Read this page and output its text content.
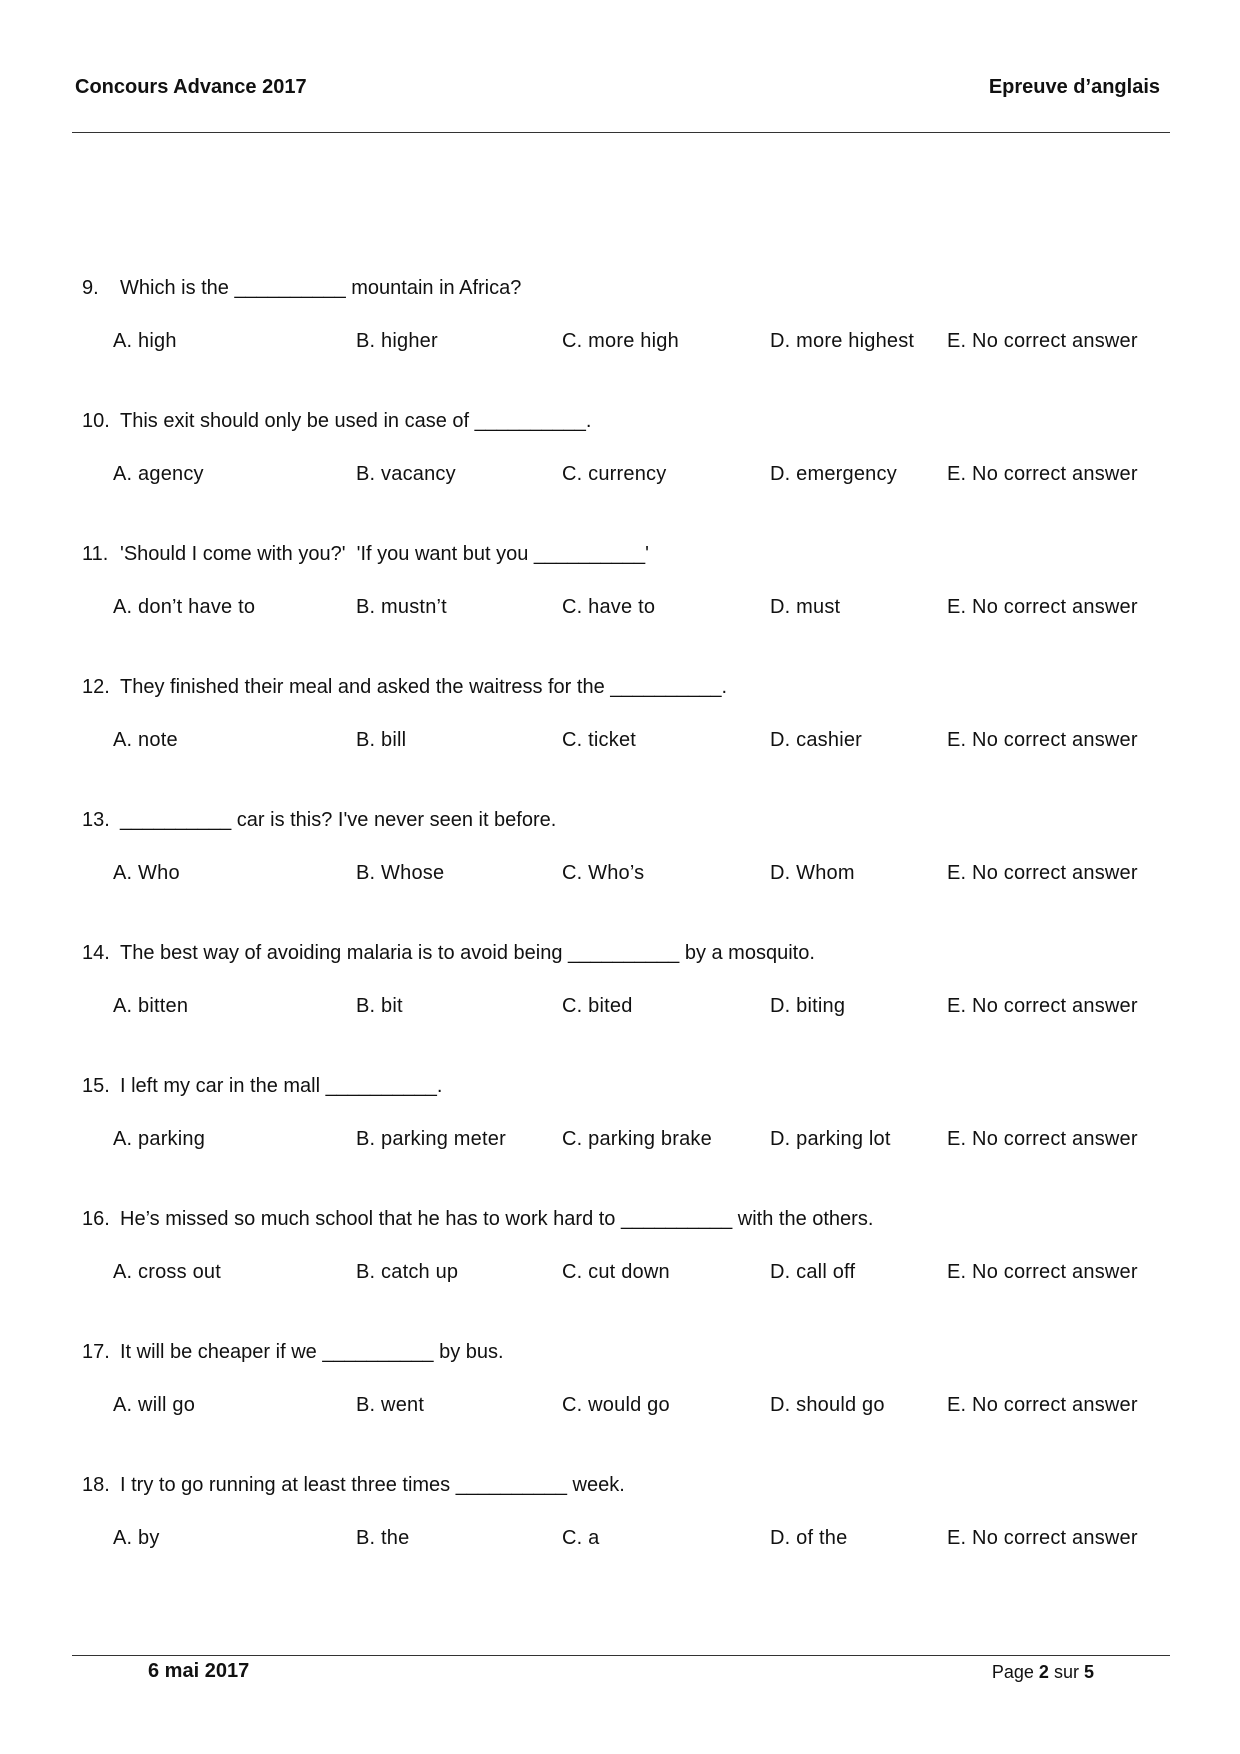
Concours Advance 2017	Epreuve d’anglais
9.	Which is the __________ mountain in Africa?
A. high	B. higher	C. more high	D. more highest	E. No correct answer
10. This exit should only be used in case of __________.
A. agency	B. vacancy	C. currency	D. emergency	E. No correct answer
11. 'Should I come with you?'  'If you want but you __________'
A. don’t have to	B. mustn’t	C. have to	D. must	E. No correct answer
12. They finished their meal and asked the waitress for the __________.
A. note	B. bill	C. ticket	D. cashier	E. No correct answer
13. __________ car is this? I've never seen it before.
A. Who	B. Whose	C. Who’s	D. Whom	E. No correct answer
14. The best way of avoiding malaria is to avoid being __________ by a mosquito.
A. bitten	B. bit	C. bited	D. biting	E. No correct answer
15. I left my car in the mall __________.
A. parking	B. parking meter	C. parking brake	D. parking lot	E. No correct answer
16. He’s missed so much school that he has to work hard to __________ with the others.
A. cross out	B. catch up	C. cut down	D. call off	E. No correct answer
17. It will be cheaper if we __________ by bus.
A. will go	B. went	C. would go	D. should go	E. No correct answer
18. I try to go running at least three times __________ week.
A. by	B. the	C. a	D. of the	E. No correct answer
6 mai 2017	Page 2 sur 5
